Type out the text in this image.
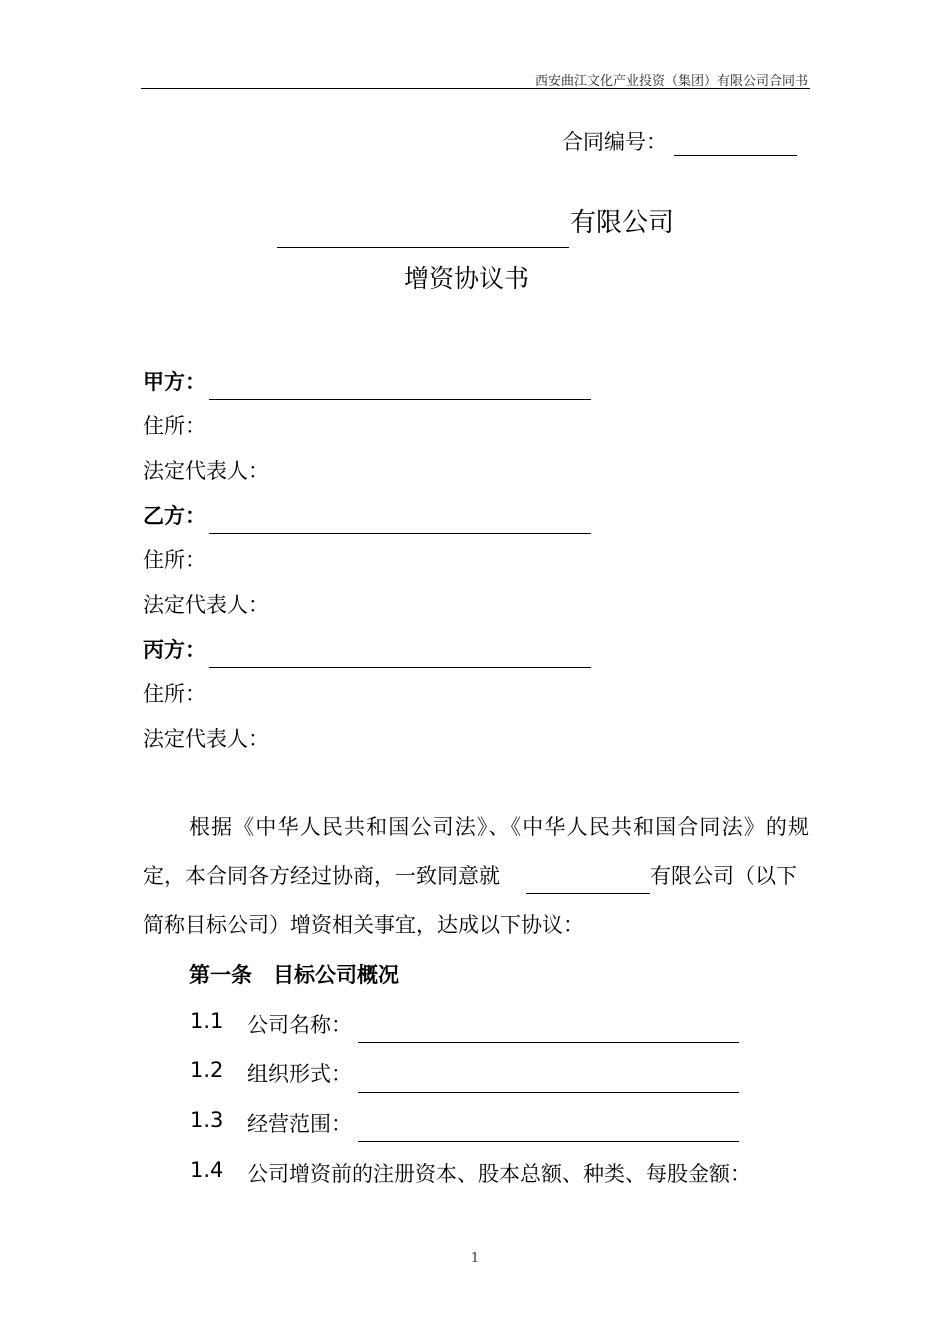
西安曲江文化产业投资（集团）有限公司合同书
合同编号：
有限公司
增资协议书
甲方：
住所：
法定代表人：
乙方：
住所：
法定代表人：
丙方：
住所：
法定代表人：
根据《中华人民共和国公司法》、《中华人民共和国合同法》的规
定，本合同各方经过协商，一致同意就	有限公司（以下
简称目标公司）增资相关事宜，达成以下协议：
第一条　目标公司概况
1.1 公司名称：
1.2 组织形式：
1.3 经营范围：
1.4 公司增资前的注册资本、股本总额、种类、每股金额：
1
